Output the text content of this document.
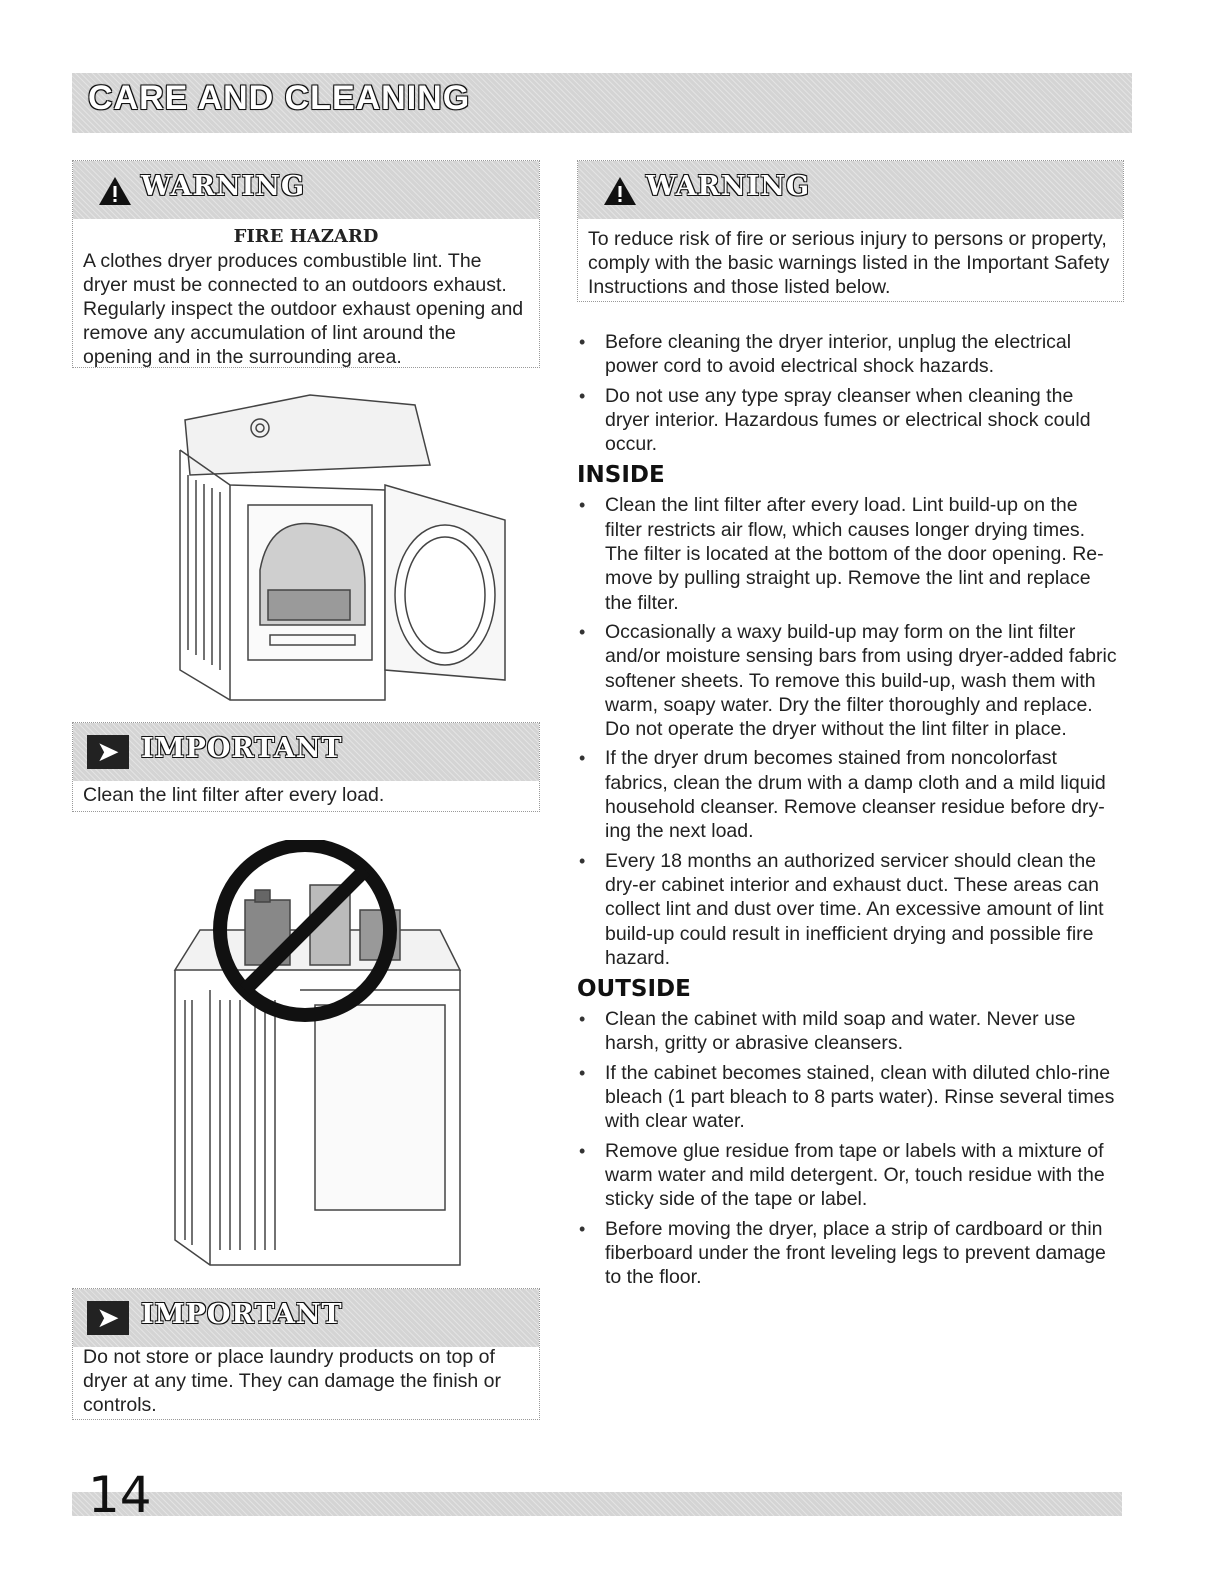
CARE AND CLEANING
WARNING
FIRE HAZARD
A clothes dryer produces combustible lint. The dryer must be connected to an outdoors exhaust. Regularly inspect the outdoor exhaust opening and remove any accumulation of lint around the opening and in the surrounding area.
WARNING
To reduce risk of fire or serious injury to persons or property, comply with the basic warnings listed in the Important Safety Instructions and those listed below.
➤ IMPORTANT
Clean the lint filter after every load.
➤ IMPORTANT
Do not store or place laundry products on top of dryer at any time. They can damage the finish or controls.
• Before cleaning the dryer interior, unplug the electrical power cord to avoid electrical shock hazards.
• Do not use any type spray cleanser when cleaning the dryer interior. Hazardous fumes or electrical shock could occur.
INSIDE
• Clean the lint filter after every load. Lint build-up on the filter restricts air flow, which causes longer drying times. The filter is located at the bottom of the door opening. Re-move by pulling straight up. Remove the lint and replace the filter.
• Occasionally a waxy build-up may form on the lint filter and/or moisture sensing bars from using dryer-added fabric softener sheets. To remove this build-up, wash them with warm, soapy water. Dry the filter thoroughly and replace. Do not operate the dryer without the lint filter in place.
• If the dryer drum becomes stained from noncolorfast fabrics, clean the drum with a damp cloth and a mild liquid household cleanser. Remove cleanser residue before dry-ing the next load.
• Every 18 months an authorized servicer should clean the dry-er cabinet interior and exhaust duct. These areas can collect lint and dust over time. An excessive amount of lint build-up could result in inefficient drying and possible fire hazard.
OUTSIDE
• Clean the cabinet with mild soap and water. Never use harsh, gritty or abrasive cleansers.
• If the cabinet becomes stained, clean with diluted chlo-rine bleach (1 part bleach to 8 parts water). Rinse several times with clear water.
• Remove glue residue from tape or labels with a mixture of warm water and mild detergent. Or, touch residue with the sticky side of the tape or label.
• Before moving the dryer, place a strip of cardboard or thin fiberboard under the front leveling legs to prevent damage to the floor.
14
